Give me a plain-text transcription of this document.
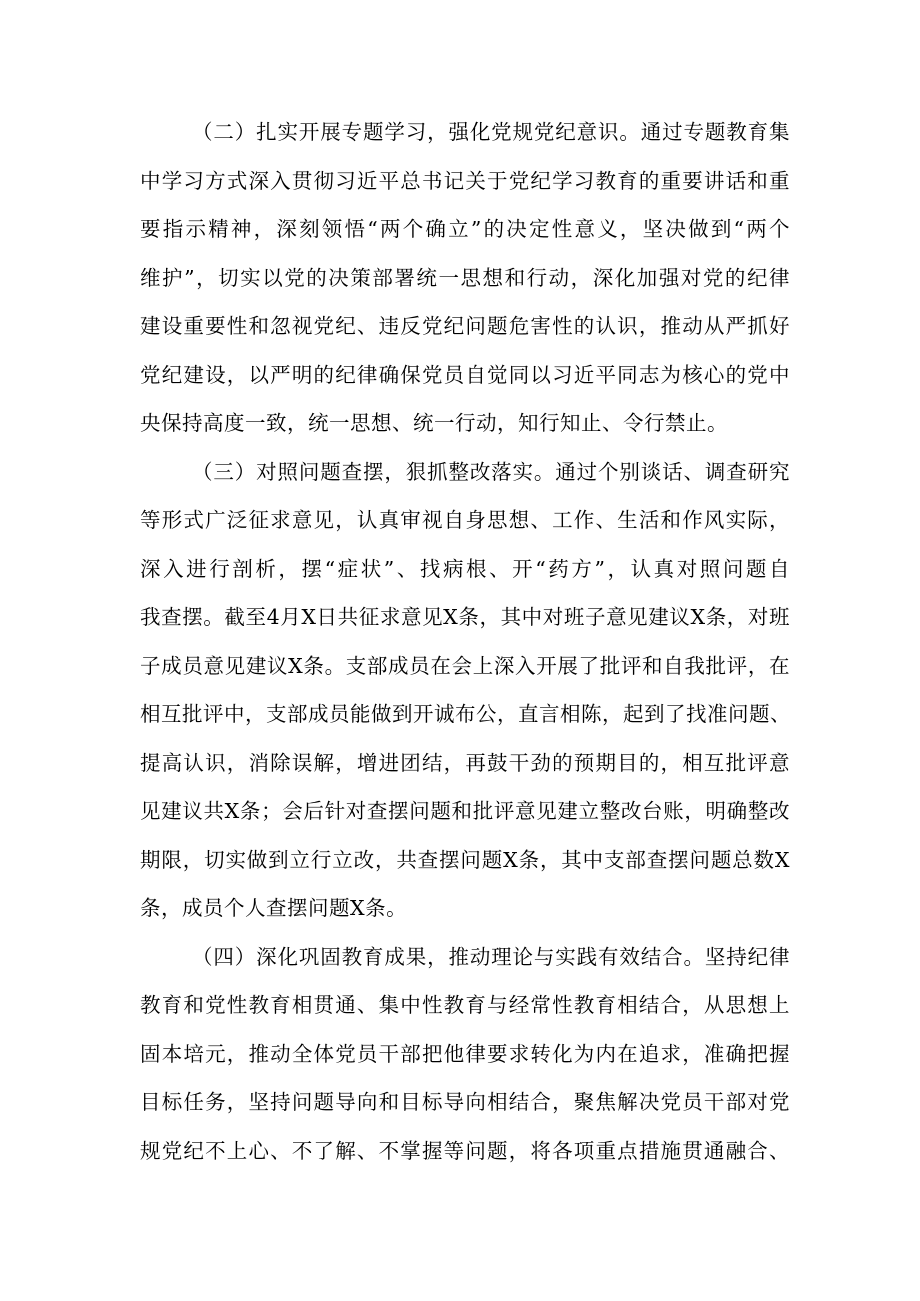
（二）扎实开展专题学习，强化党规党纪意识。通过专题教育集
中学习方式深入贯彻习近平总书记关于党纪学习教育的重要讲话和重
要指示精神，深刻领悟“两个确立”的决定性意义，坚决做到“两个
维护”，切实以党的决策部署统一思想和行动，深化加强对党的纪律
建设重要性和忽视党纪、违反党纪问题危害性的认识，推动从严抓好
党纪建设，以严明的纪律确保党员自觉同以习近平同志为核心的党中
央保持高度一致，统一思想、统一行动，知行知止、令行禁止。
（三）对照问题查摆，狠抓整改落实。通过个别谈话、调查研究
等形式广泛征求意见，认真审视自身思想、工作、生活和作风实际，
深入进行剖析，摆“症状”、找病根、开“药方”，认真对照问题自
我查摆。截至4月X日共征求意见X条，其中对班子意见建议X条，对班
子成员意见建议X条。支部成员在会上深入开展了批评和自我批评，在
相互批评中，支部成员能做到开诚布公，直言相陈，起到了找准问题、
提高认识，消除误解，增进团结，再鼓干劲的预期目的，相互批评意
见建议共X条；会后针对查摆问题和批评意见建立整改台账，明确整改
期限，切实做到立行立改，共查摆问题X条，其中支部查摆问题总数X
条，成员个人查摆问题X条。
（四）深化巩固教育成果，推动理论与实践有效结合。坚持纪律
教育和党性教育相贯通、集中性教育与经常性教育相结合，从思想上
固本培元，推动全体党员干部把他律要求转化为内在追求，准确把握
目标任务，坚持问题导向和目标导向相结合，聚焦解决党员干部对党
规党纪不上心、不了解、不掌握等问题，将各项重点措施贯通融合、
